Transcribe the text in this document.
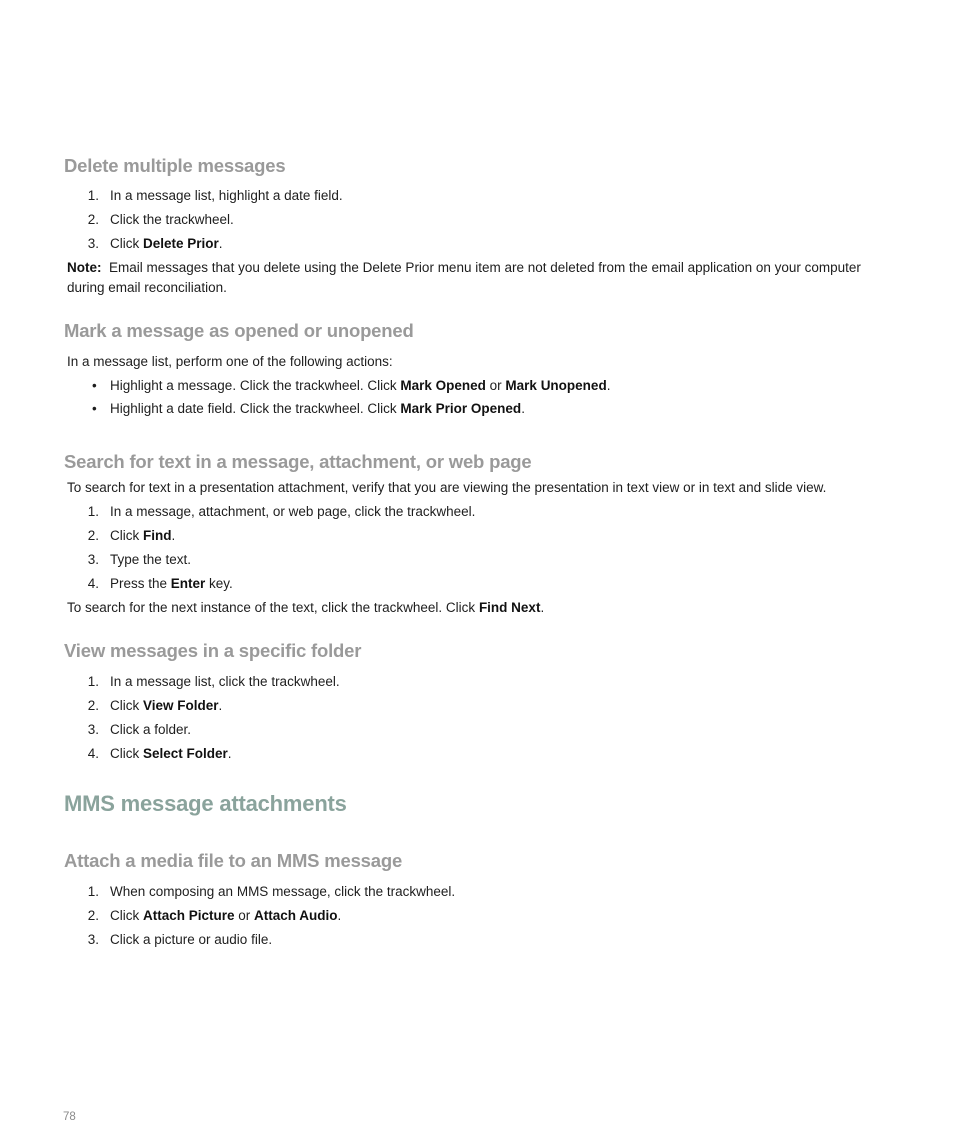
Delete multiple messages
1. In a message list, highlight a date field.

2. Click the trackwheel.

3. Click Delete Prior.

Note: Email messages that you delete using the Delete Prior menu item are not deleted from the email application on your computer during email reconciliation.
Mark a message as opened or unopened

In a message list, perform one of the following actions:

• Highlight a message. Click the trackwheel. Click Mark Opened or Mark Unopened.

• Highlight a date field. Click the trackwheel. Click Mark Prior Opened.

Search for text in a message, attachment, or web page

To search for text in a presentation attachment, verify that you are viewing the presentation in text view or in text and slide view.

1. In a message, attachment, or web page, click the trackwheel.

2. Click Find.

3. Type the text.

4. Press the Enter key.

To search for the next instance of the text, click the trackwheel. Click Find Next.

View messages in a specific folder
1. In a message list, click the trackwheel.

2. Click View Folder.

3. Click a folder.

4. Click Select Folder.

MMS message attachments
Attach a media file to an MMS message
1. When composing an MMS message, click the trackwheel.

2. Click Attach Picture or Attach Audio.

3. Click a picture or audio file.

78
